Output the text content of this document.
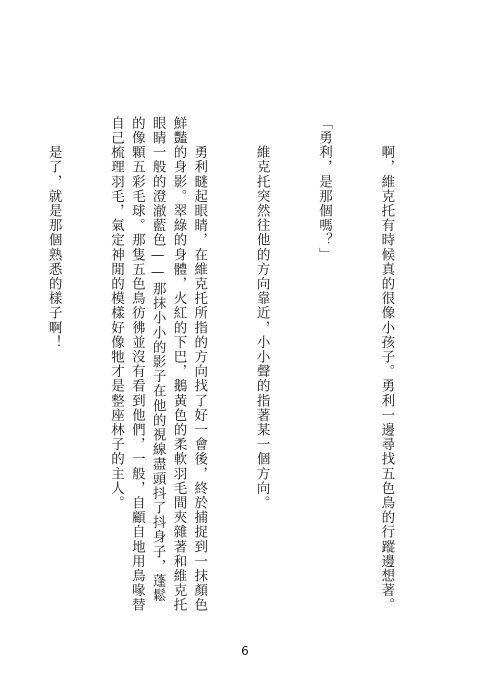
　　啊，維克托有時候真的很像小孩子。勇利一邊尋找五色鳥的行蹤邊想著。

「勇利，是那個嗎？」

　　維克托突然往他的方向靠近，小小聲的指著某一個方向。

　　勇利瞇起眼睛，在維克托所指的方向找了好一會後，終於捕捉到一抹顏色鮮豔的身影。翠綠的身體，火紅的下巴，鵝黃色的柔軟羽毛間夾雜著和維克托眼睛一般的澄澈藍色——那抹小小的影子在他的視線盡頭抖了抖身子，蓬鬆的像顆五彩毛球。那隻五色鳥彷彿並沒有看到他們，一般，自顧自地用鳥喙替自己梳理羽毛，氣定神閒的模樣好像牠才是整座林子的主人。

　　是了，就是那個熟悉的樣子啊！

6
